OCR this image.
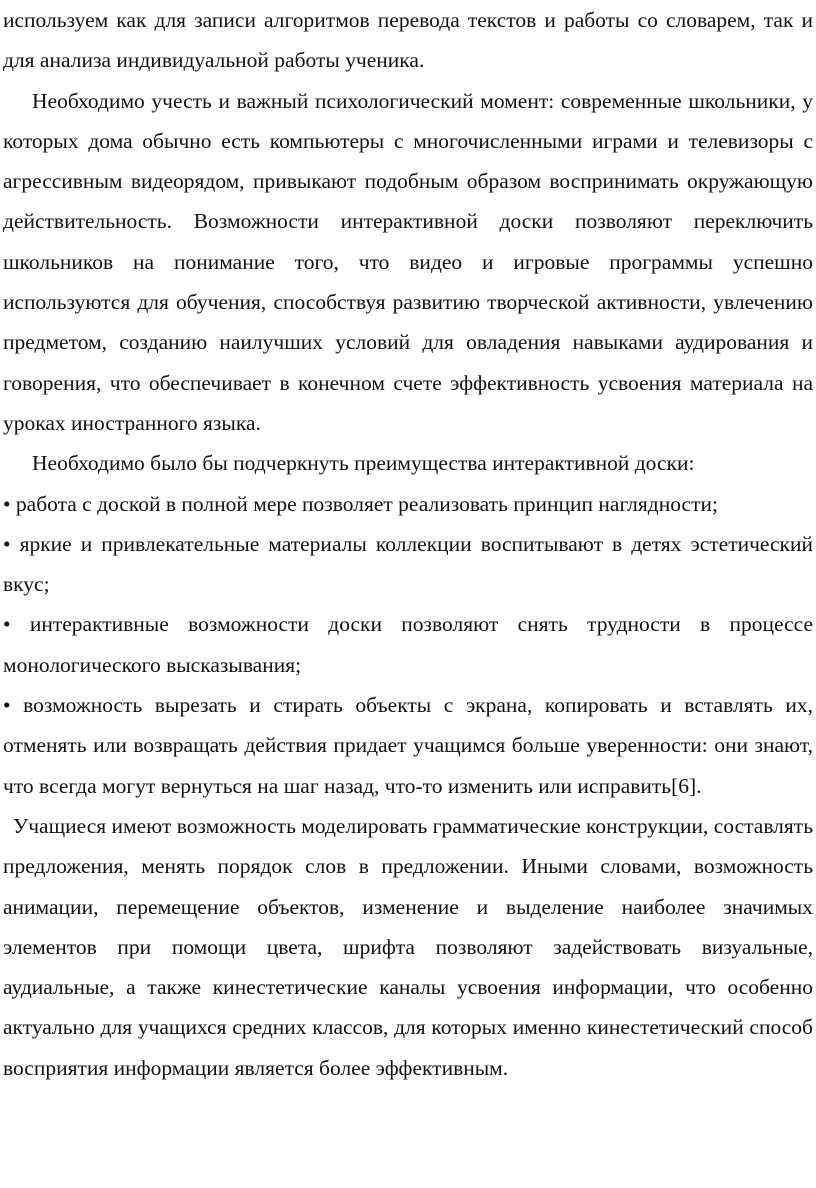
используем как для записи алгоритмов перевода текстов и работы со словарем, так и для анализа индивидуальной работы ученика.

Необходимо учесть и важный психологический момент: современные школьники, у которых дома обычно есть компьютеры с многочисленными играми и телевизоры с агрессивным видеорядом, привыкают подобным образом воспринимать окружающую действительность. Возможности интерактивной доски позволяют переключить школьников на понимание того, что видео и игровые программы успешно используются для обучения, способствуя развитию творческой активности, увлечению предметом, созданию наилучших условий для овладения навыками аудирования и говорения, что обеспечивает в конечном счете эффективность усвоения материала на уроках иностранного языка.

Необходимо было бы подчеркнуть преимущества интерактивной доски:

• работа с доской в полной мере позволяет реализовать принцип наглядности;

• яркие и привлекательные материалы коллекции воспитывают в детях эстетический вкус;

• интерактивные возможности доски позволяют снять трудности в процессе монологического высказывания;

• возможность вырезать и стирать объекты с экрана, копировать и вставлять их, отменять или возвращать действия придает учащимся больше уверенности: они знают, что всегда могут вернуться на шаг назад, что-то изменить или исправить[6].

Учащиеся имеют возможность моделировать грамматические конструкции, составлять предложения, менять порядок слов в предложении. Иными словами, возможность анимации, перемещение объектов, изменение и выделение наиболее значимых элементов при помощи цвета, шрифта позволяют задействовать визуальные, аудиальные, а также кинестетические каналы усвоения информации, что особенно актуально для учащихся средних классов, для которых именно кинестетический способ восприятия информации является более эффективным.
